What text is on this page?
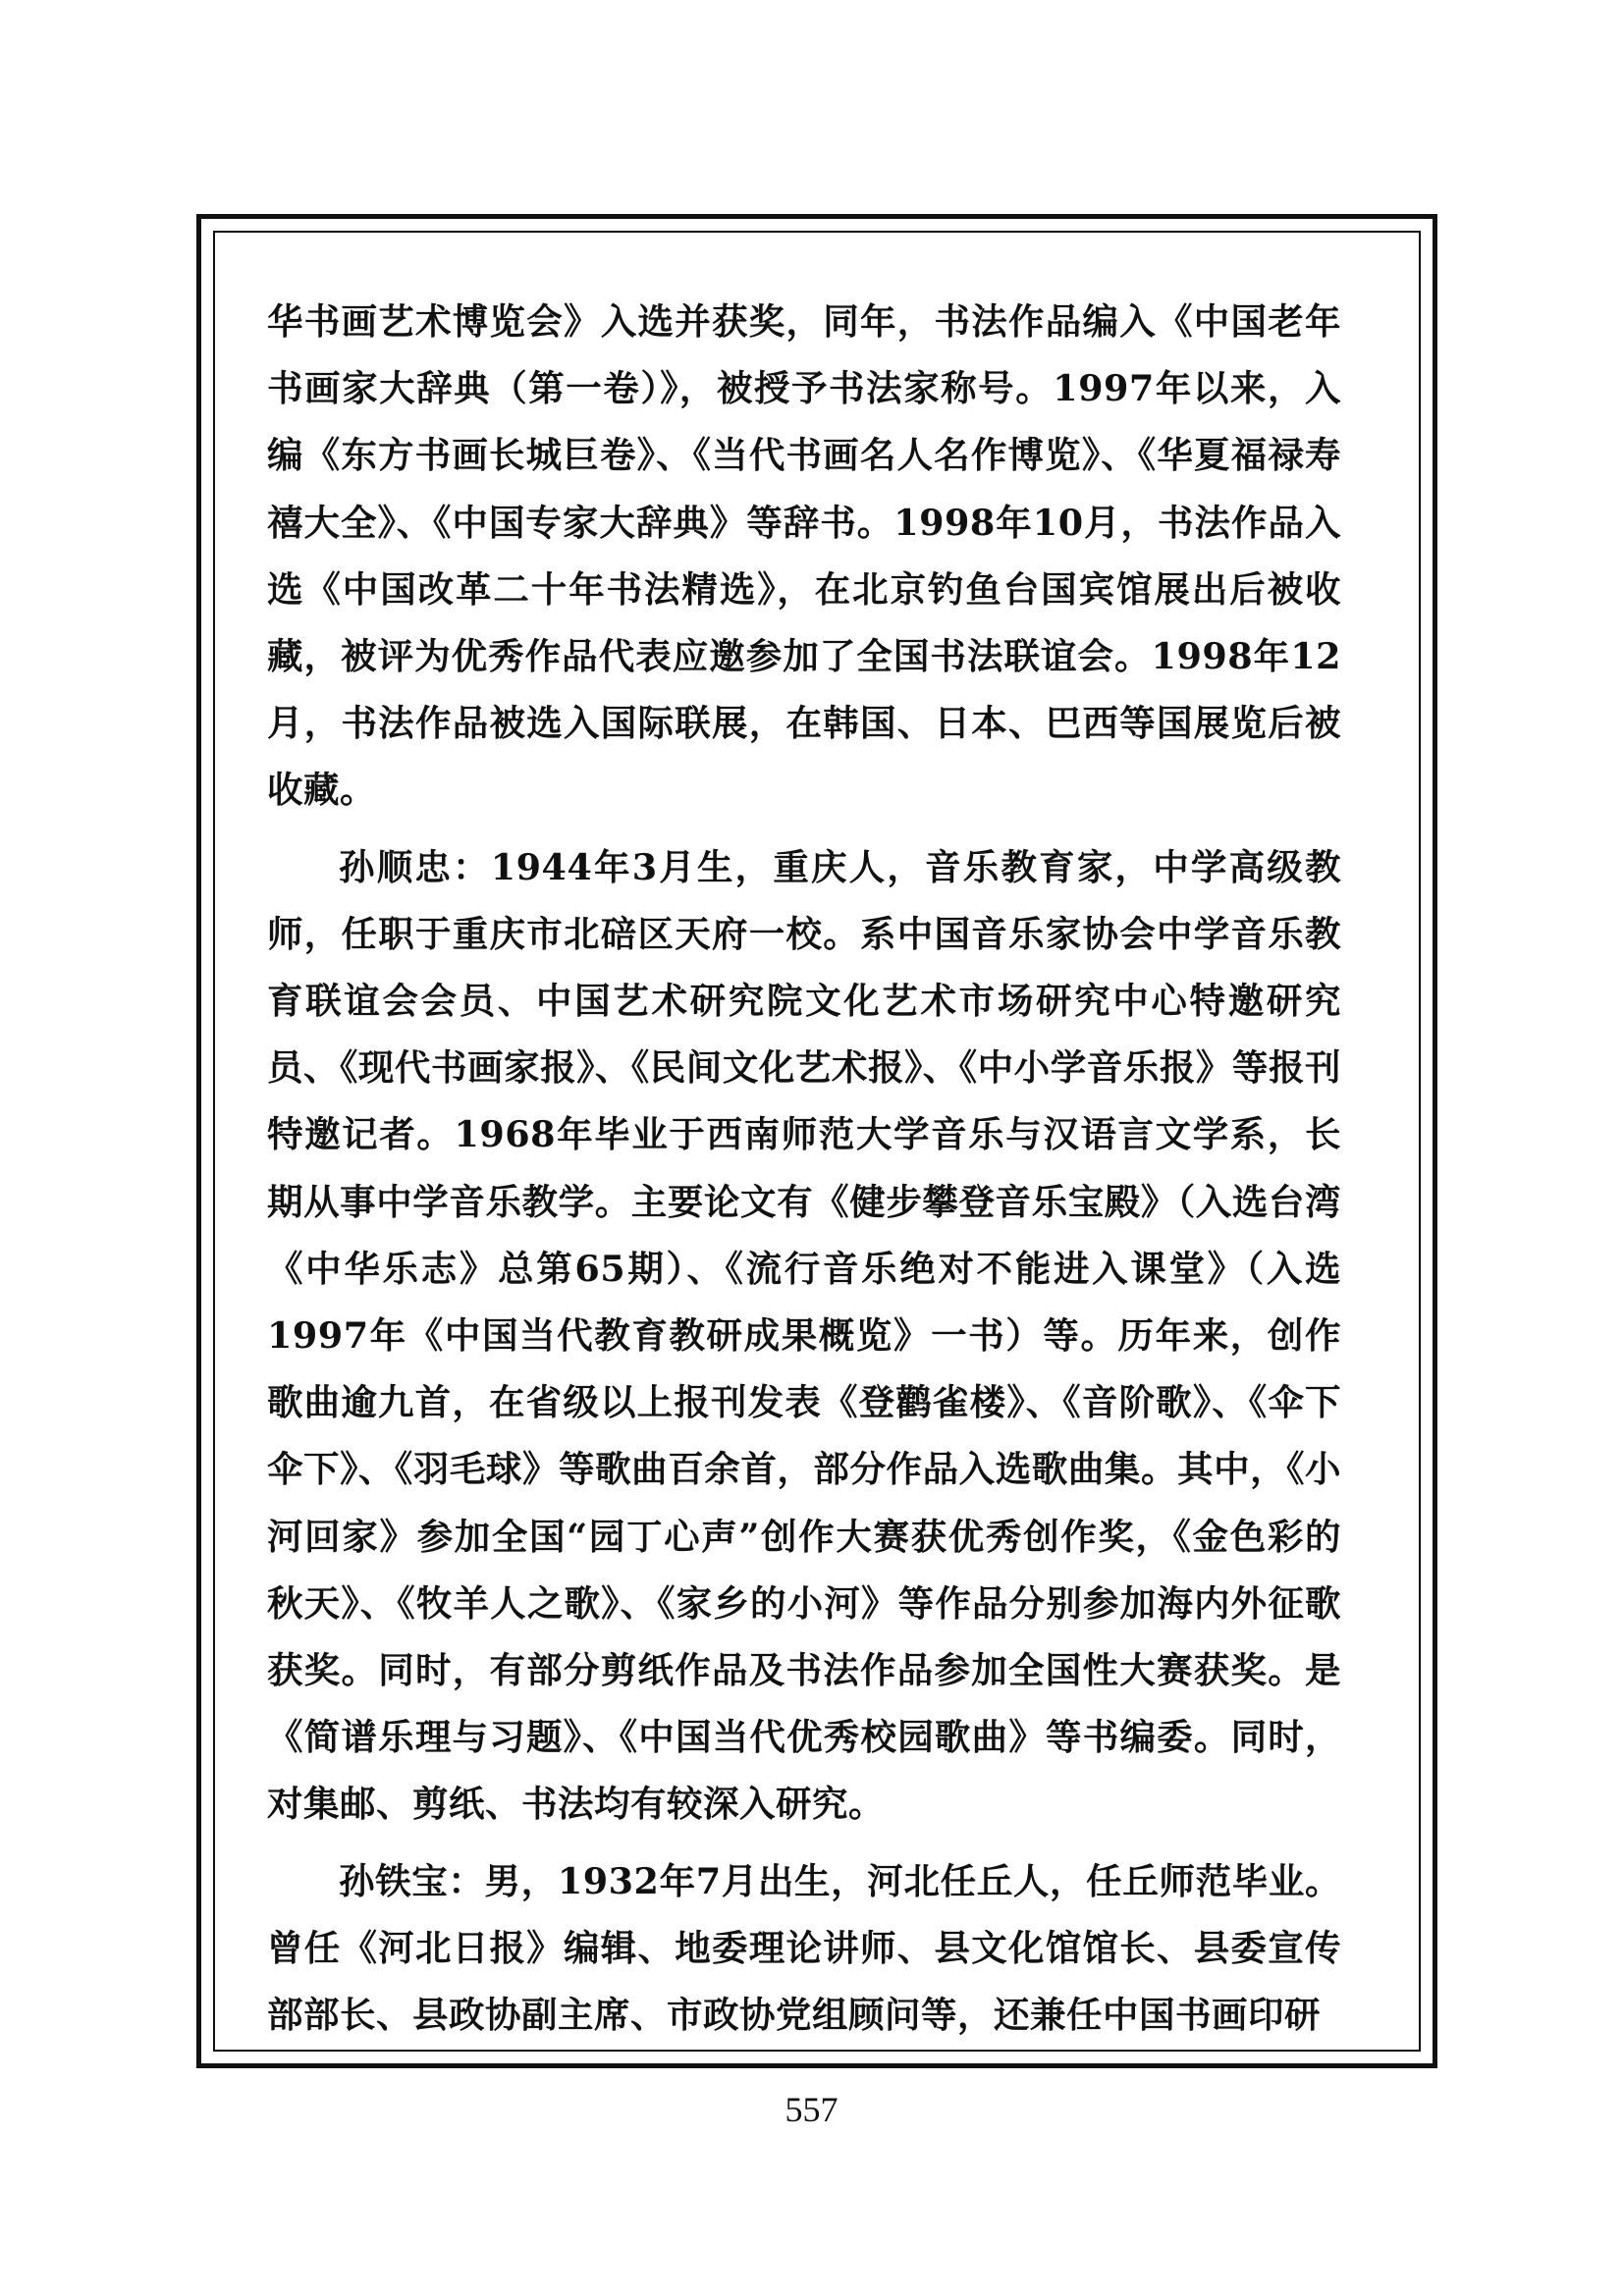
华书画艺术博览会》入选并获奖，同年，书法作品编入《中国老年书画家大辞典（第一卷）》，被授予书法家称号。1997年以来，入编《东方书画长城巨卷》、《当代书画名人名作博览》、《华夏福禄寿禧大全》、《中国专家大辞典》等辞书。1998年10月，书法作品入选《中国改革二十年书法精选》，在北京钓鱼台国宾馆展出后被收藏，被评为优秀作品代表应邀参加了全国书法联谊会。1998年12月，书法作品被选入国际联展，在韩国、日本、巴西等国展览后被收藏。

孙顺忠：1944年3月生，重庆人，音乐教育家，中学高级教师，任职于重庆市北碚区天府一校。系中国音乐家协会中学音乐教育联谊会会员、中国艺术研究院文化艺术市场研究中心特邀研究员、《现代书画家报》、《民间文化艺术报》、《中小学音乐报》等报刊特邀记者。1968年毕业于西南师范大学音乐与汉语言文学系，长期从事中学音乐教学。主要论文有《健步攀登音乐宝殿》（入选台湾《中华乐志》总第65期）、《流行音乐绝对不能进入课堂》（入选1997年《中国当代教育教研成果概览》一书）等。历年来，创作歌曲逾九首，在省级以上报刊发表《登鹳雀楼》、《音阶歌》、《伞下伞下》、《羽毛球》等歌曲百余首，部分作品入选歌曲集。其中，《小河回家》参加全国“园丁心声”创作大赛获优秀创作奖，《金色彩的秋天》、《牧羊人之歌》、《家乡的小河》等作品分别参加海内外征歌获奖。同时，有部分剪纸作品及书法作品参加全国性大赛获奖。是《简谱乐理与习题》、《中国当代优秀校园歌曲》等书编委。同时，对集邮、剪纸、书法均有较深入研究。

孙铁宝：男，1932年7月出生，河北任丘人，任丘师范毕业。曾任《河北日报》编辑、地委理论讲师、县文化馆馆长、县委宣传部部长、县政协副主席、市政协党组顾问等，还兼任中国书画印研

557
